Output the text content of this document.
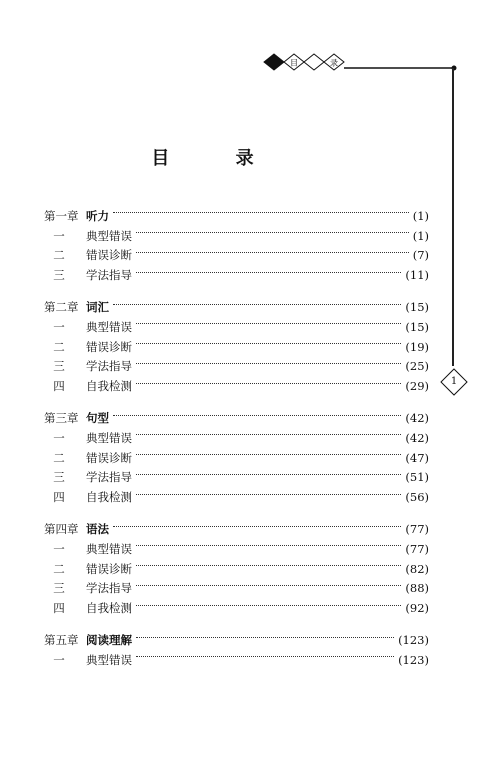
目	录
1
目 录
第一章 听力	(1)
一	典型错误	(1)
二	错误诊断	(7)
三	学法指导	(11)
第二章 词汇	(15)
一	典型错误	(15)
二	错误诊断	(19)
三	学法指导	(25)
四	自我检测	(29)
第三章 句型	(42)
一	典型错误	(42)
二	错误诊断	(47)
三	学法指导	(51)
四	自我检测	(56)
第四章 语法	(77)
一	典型错误	(77)
二	错误诊断	(82)
三	学法指导	(88)
四	自我检测	(92)
第五章 阅读理解	(123)
一	典型错误	(123)
